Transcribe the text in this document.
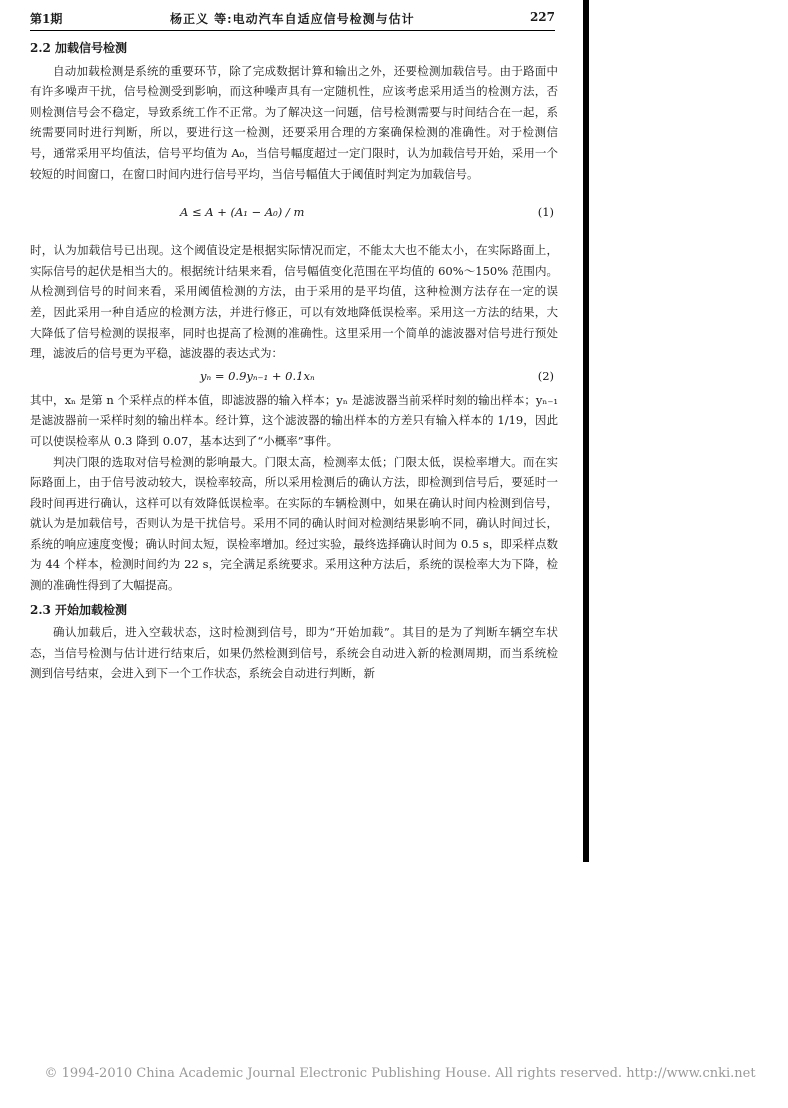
第1期	杨正义 等:电动汽车自适应信号检测与估计	227
2.2 加载信号检测

自动加载检测是系统的重要环节，除了完成数据计算和输出之外，还要检测加载信号。由于路面中有许多噪声干扰，信号检测受到影响，而这种噪声具有一定随机性，应该考虑采用适当的检测方法，否则检测信号会不稳定，导致系统工作不正常。为了解决这一问题，信号检测需要与时间结合在一起，系统需要同时进行判断，所以，要进行这一检测，还要采用合理的方案确保检测的准确性。对于检测信号，通常采用平均值法，信号平均值为 A₀，当信号幅度超过一定门限时，认为加载信号开始，采用一个较短的时间窗口，在窗口时间内进行信号平均，当信号幅值大于阈值时判定为加载信号。

A ≤ A + (A₁ − A₀) / m	(1)

时，认为加载信号已出现。这个阈值设定是根据实际情况而定，不能太大也不能太小，在实际路面上，实际信号的起伏是相当大的。根据统计结果来看，信号幅值变化范围在平均值的 60%～150% 范围内。从检测到信号的时间来看，采用阈值检测的方法，由于采用的是平均值，这种检测方法存在一定的误差，因此采用一种自适应的检测方法，并进行修正，可以有效地降低误检率。采用这一方法的结果，大大降低了信号检测的误报率，同时也提高了检测的准确性。这里采用一个简单的滤波器对信号进行预处理，滤波后的信号更为平稳，滤波器的表达式为：

yₙ = 0.9yₙ₋₁ + 0.1xₙ	(2)

其中，xₙ 是第 n 个采样点的样本值，即滤波器的输入样本；yₙ 是滤波器当前采样时刻的输出样本；yₙ₋₁ 是滤波器前一采样时刻的输出样本。经计算，这个滤波器的输出样本的方差只有输入样本的 1/19，因此可以使误检率从 0.3 降到 0.07，基本达到了“小概率”事件。

判决门限的选取对信号检测的影响最大。门限太高，检测率太低；门限太低，误检率增大。而在实际路面上，由于信号波动较大，误检率较高，所以采用检测后的确认方法，即检测到信号后，要延时一段时间再进行确认，这样可以有效降低误检率。在实际的车辆检测中，如果在确认时间内检测到信号，就认为是加载信号，否则认为是干扰信号。采用不同的确认时间对检测结果影响不同，确认时间过长，系统的响应速度变慢；确认时间太短，误检率增加。经过实验，最终选择确认时间为 0.5 s，即采样点数为 44 个样本，检测时间约为 22 s，完全满足系统要求。采用这种方法后，系统的误检率大为下降，检测的准确性得到了大幅提高。

2.3 开始加载检测

确认加载后，进入空载状态，这时检测到信号，即为“开始加载”。其目的是为了判断车辆空车状态，当信号检测与估计进行结束后，如果仍然检测到信号，系统会自动进入新的检测周期，而当系统检测到信号结束，会进入到下一个工作状态，系统会自动进行判断，新

© 1994-2010 China Academic Journal Electronic Publishing House. All rights reserved. http://www.cnki.net
